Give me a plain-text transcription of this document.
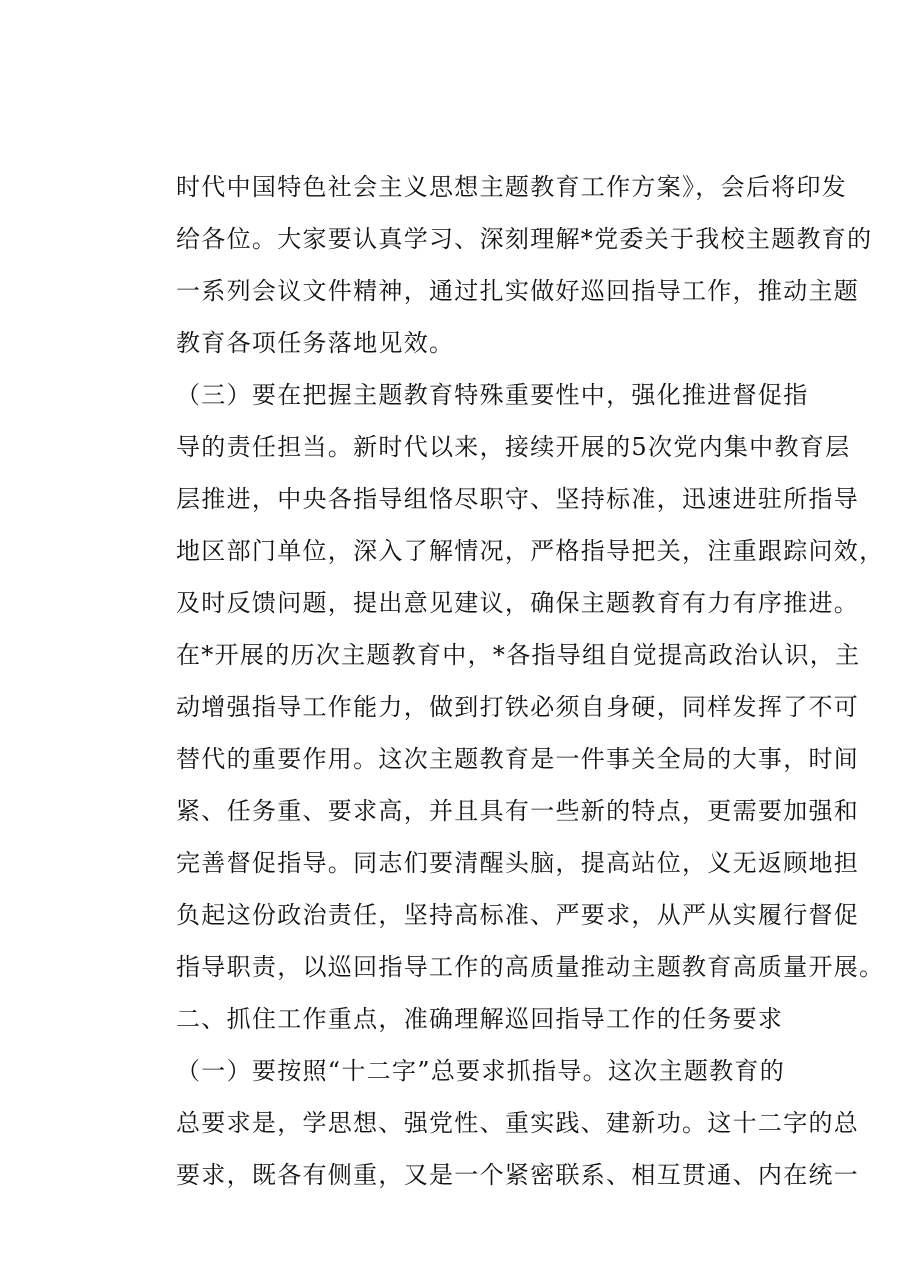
时代中国特色社会主义思想主题教育工作方案》，会后将印发
给各位。大家要认真学习、深刻理解*党委关于我校主题教育的
一系列会议文件精神，通过扎实做好巡回指导工作，推动主题
教育各项任务落地见效。
（三）要在把握主题教育特殊重要性中，强化推进督促指
导的责任担当。新时代以来，接续开展的5次党内集中教育层
层推进，中央各指导组恪尽职守、坚持标准，迅速进驻所指导
地区部门单位，深入了解情况，严格指导把关，注重跟踪问效，
及时反馈问题，提出意见建议，确保主题教育有力有序推进。
在*开展的历次主题教育中，*各指导组自觉提高政治认识，主
动增强指导工作能力，做到打铁必须自身硬，同样发挥了不可
替代的重要作用。这次主题教育是一件事关全局的大事，时间
紧、任务重、要求高，并且具有一些新的特点，更需要加强和
完善督促指导。同志们要清醒头脑，提高站位，义无返顾地担
负起这份政治责任，坚持高标准、严要求，从严从实履行督促
指导职责，以巡回指导工作的高质量推动主题教育高质量开展。
二、抓住工作重点，准确理解巡回指导工作的任务要求
（一）要按照“十二字”总要求抓指导。这次主题教育的
总要求是，学思想、强党性、重实践、建新功。这十二字的总
要求，既各有侧重，又是一个紧密联系、相互贯通、内在统一
